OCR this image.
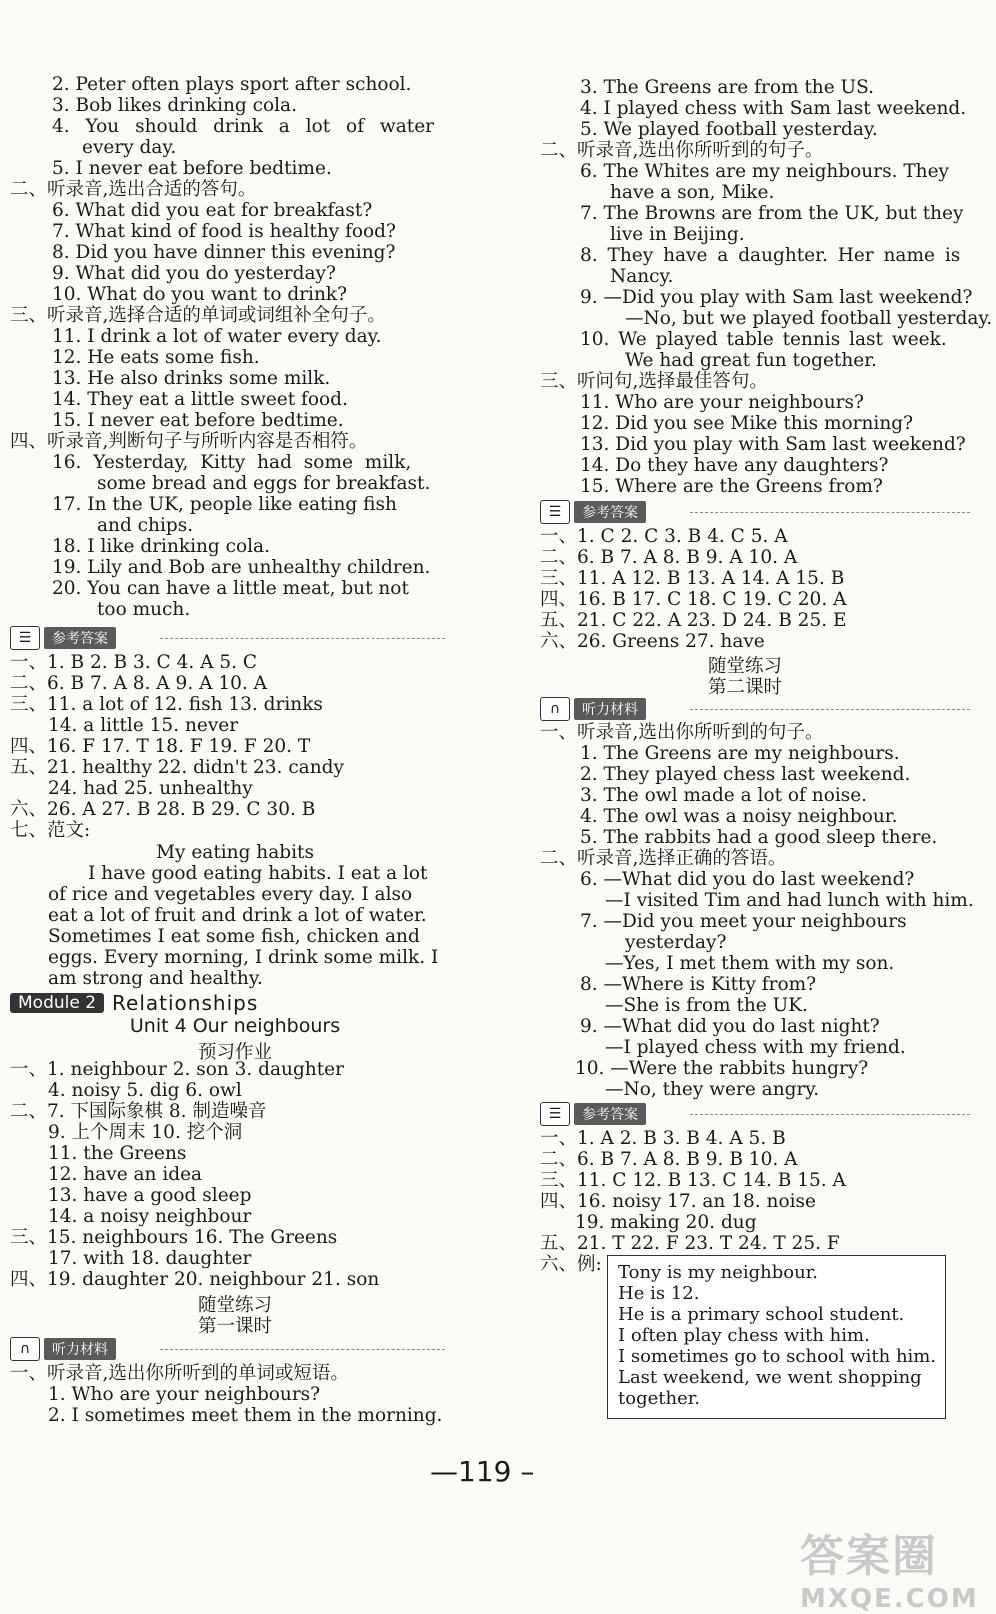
2. Peter often plays sport after school.
3. Bob likes drinking cola.
4. You should drink a lot of water
every day.
5. I never eat before bedtime.
二、听录音,选出合适的答句。
6. What did you eat for breakfast?
7. What kind of food is healthy food?
8. Did you have dinner this evening?
9. What did you do yesterday?
10. What do you want to drink?
三、听录音,选择合适的单词或词组补全句子。
11. I drink a lot of water every day.
12. He eats some fish.
13. He also drinks some milk.
14. They eat a little sweet food.
15. I never eat before bedtime.
四、听录音,判断句子与所听内容是否相符。
16. Yesterday, Kitty had some milk,
some bread and eggs for breakfast.
17. In the UK, people like eating fish
and chips.
18. I like drinking cola.
19. Lily and Bob are unhealthy children.
20. You can have a little meat, but not
too much.
☰	参考答案
一、1. B 2. B 3. C 4. A 5. C
二、6. B 7. A 8. A 9. A 10. A
三、11. a lot of 12. fish 13. drinks
14. a little 15. never
四、16. F 17. T 18. F 19. F 20. T
五、21. healthy 22. didn't 23. candy
24. had 25. unhealthy
六、26. A 27. B 28. B 29. C 30. B
七、范文:
My eating habits
I have good eating habits. I eat a lot
of rice and vegetables every day. I also
eat a lot of fruit and drink a lot of water.
Sometimes I eat some fish, chicken and
eggs. Every morning, I drink some milk. I
am strong and healthy.
Module 2 Relationships
Unit 4 Our neighbours
预习作业
一、1. neighbour 2. son 3. daughter
4. noisy 5. dig 6. owl
二、7. 下国际象棋 8. 制造噪音
9. 上个周末 10. 挖个洞
11. the Greens
12. have an idea
13. have a good sleep
14. a noisy neighbour
三、15. neighbours 16. The Greens
17. with 18. daughter
四、19. daughter 20. neighbour 21. son
随堂练习
第一课时
∩	听力材料
一、听录音,选出你所听到的单词或短语。
1. Who are your neighbours?
2. I sometimes meet them in the morning.
3. The Greens are from the US.
4. I played chess with Sam last weekend.
5. We played football yesterday.
二、听录音,选出你所听到的句子。
6. The Whites are my neighbours. They
have a son, Mike.
7. The Browns are from the UK, but they
live in Beijing.
8. They have a daughter. Her name is
Nancy.
9. —Did you play with Sam last weekend?
—No, but we played football yesterday.
10. We played table tennis last week.
We had great fun together.
三、听问句,选择最佳答句。
11. Who are your neighbours?
12. Did you see Mike this morning?
13. Did you play with Sam last weekend?
14. Do they have any daughters?
15. Where are the Greens from?
☰	参考答案
一、1. C 2. C 3. B 4. C 5. A
二、6. B 7. A 8. B 9. A 10. A
三、11. A 12. B 13. A 14. A 15. B
四、16. B 17. C 18. C 19. C 20. A
五、21. C 22. A 23. D 24. B 25. E
六、26. Greens 27. have
随堂练习
第二课时
∩	听力材料
一、听录音,选出你所听到的句子。
1. The Greens are my neighbours.
2. They played chess last weekend.
3. The owl made a lot of noise.
4. The owl was a noisy neighbour.
5. The rabbits had a good sleep there.
二、听录音,选择正确的答语。
6. —What did you do last weekend?
—I visited Tim and had lunch with him.
7. —Did you meet your neighbours
yesterday?
—Yes, I met them with my son.
8. —Where is Kitty from?
—She is from the UK.
9. —What did you do last night?
—I played chess with my friend.
10. —Were the rabbits hungry?
—No, they were angry.
☰	参考答案
一、1. A 2. B 3. B 4. A 5. B
二、6. B 7. A 8. B 9. B 10. A
三、11. C 12. B 13. C 14. B 15. A
四、16. noisy 17. an 18. noise
19. making 20. dug
五、21. T 22. F 23. T 24. T 25. F
六、例: Tony is my neighbour.
He is 12.
He is a primary school student.
I often play chess with him.
I sometimes go to school with him.
Last weekend, we went shopping
together.
—119 –
答案圈
MXQE.COM
